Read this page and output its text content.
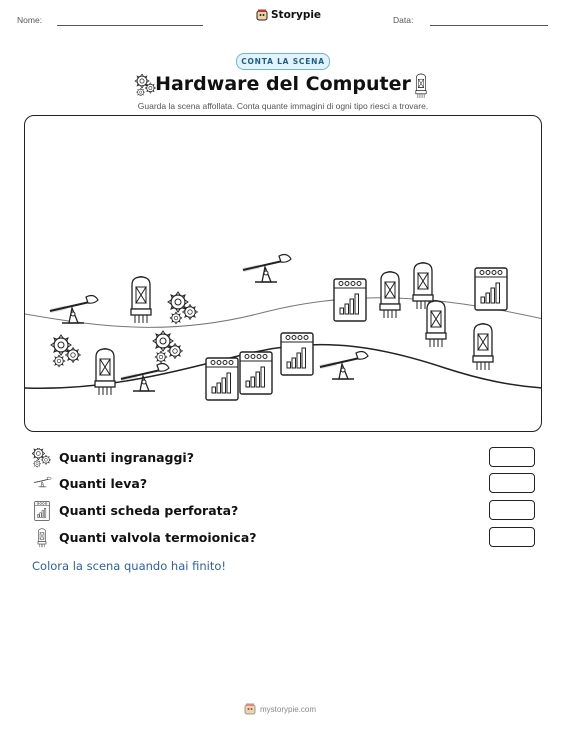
Nome:	Storypie	Data:
CONTA LA SCENA
Hardware del Computer
Guarda la scena affollata. Conta quante immagini di ogni tipo riesci a trovare.
Quanti ingranaggi?
Quanti leva?
Quanti scheda perforata?
Quanti valvola termoionica?
Colora la scena quando hai finito!
mystorypie.com
